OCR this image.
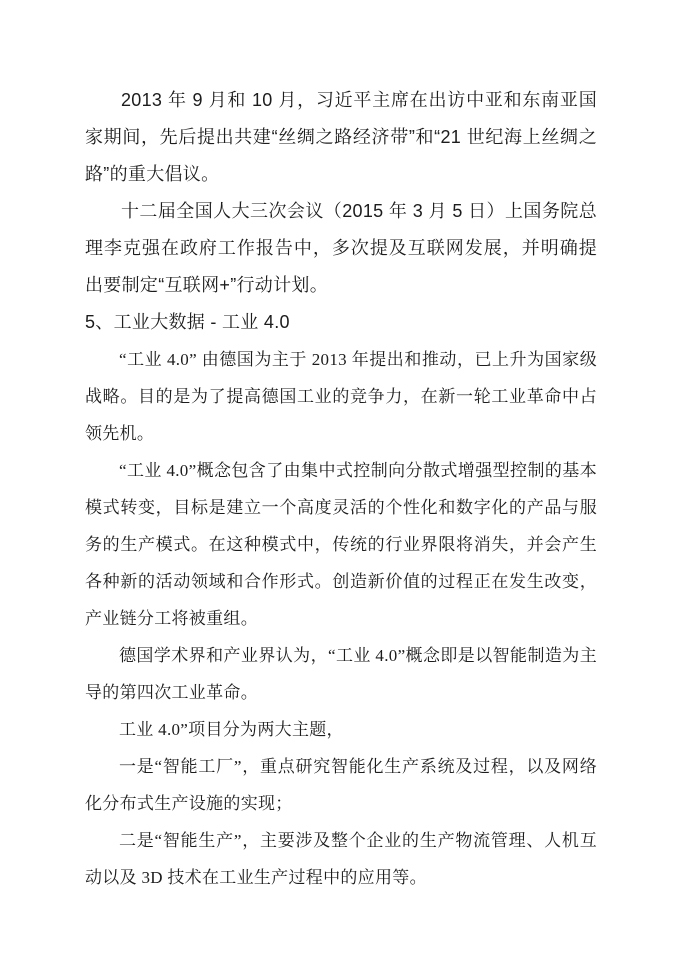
2013 年 9 月和 10 月，习近平主席在出访中亚和东南亚国家期间，先后提出共建“丝绸之路经济带”和“21 世纪海上丝绸之路”的重大倡议。

十二届全国人大三次会议（2015 年 3 月 5 日）上国务院总理李克强在政府工作报告中，多次提及互联网发展，并明确提出要制定“互联网+”行动计划。

5、工业大数据 - 工业 4.0

“工业 4.0” 由德国为主于 2013 年提出和推动，已上升为国家级战略。目的是为了提高德国工业的竞争力，在新一轮工业革命中占领先机。

“工业 4.0”概念包含了由集中式控制向分散式增强型控制的基本模式转变，目标是建立一个高度灵活的个性化和数字化的产品与服务的生产模式。在这种模式中，传统的行业界限将消失，并会产生各种新的活动领域和合作形式。创造新价值的过程正在发生改变，产业链分工将被重组。

德国学术界和产业界认为，“工业 4.0”概念即是以智能制造为主导的第四次工业革命。

工业 4.0”项目分为两大主题，

一是“智能工厂”，重点研究智能化生产系统及过程，以及网络化分布式生产设施的实现；

二是“智能生产”，主要涉及整个企业的生产物流管理、人机互动以及 3D 技术在工业生产过程中的应用等。
